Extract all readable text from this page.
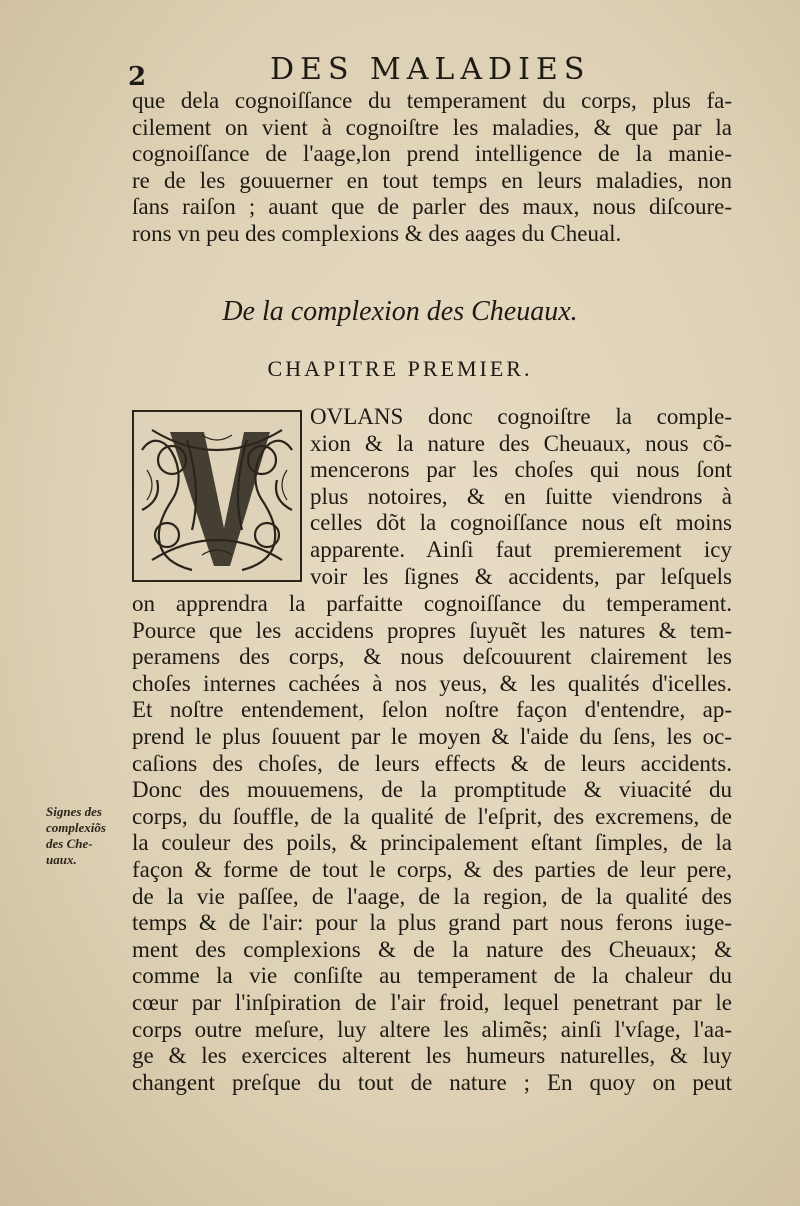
2	DES MALADIES
que dela cognoiſſance du temperament du corps, plus fa-
cilement on vient à cognoiſtre les maladies, & que par la
cognoiſſance de l'aage,lon prend intelligence de la manie-
re de les gouuerner en tout temps en leurs maladies, non
ſans raiſon ; auant que de parler des maux, nous diſcoure-
rons vn peu des complexions & des aages du Cheual.
De la complexion des Cheuaux.
CHAPITRE PREMIER.
OVLANS donc cognoiſtre la comple-
xion & la nature des Cheuaux, nous cõ-
mencerons par les choſes qui nous ſont
plus notoires, & en ſuitte viendrons à
celles dõt la cognoiſſance nous eſt moins
apparente. Ainſi faut premierement icy
voir les ſignes & accidents, par leſquels
on apprendra la parfaitte cognoiſſance du temperament.
Pource que les accidens propres ſuyuẽt les natures & tem-
peramens des corps, & nous deſcouurent clairement les
choſes internes cachées à nos yeus, & les qualités d'icelles.
Et noſtre entendement, ſelon noſtre façon d'entendre, ap-
prend le plus ſouuent par le moyen & l'aide du ſens, les oc-
caſions des choſes, de leurs effects & de leurs accidents.
Donc des mouuemens, de la promptitude & viuacité du
corps, du ſouffle, de la qualité de l'eſprit, des excremens, de
la couleur des poils, & principalement eſtant ſimples, de la
façon & forme de tout le corps, & des parties de leur pere,
de la vie paſſee, de l'aage, de la region, de la qualité des
temps & de l'air: pour la plus grand part nous ferons iuge-
ment des complexions & de la nature des Cheuaux; &
comme la vie conſiſte au temperament de la chaleur du
cœur par l'inſpiration de l'air froid, lequel penetrant par le
corps outre meſure, luy altere les alimẽs; ainſi l'vſage, l'aa-
ge & les exercices alterent les humeurs naturelles, & luy
changent preſque du tout de nature ; En quoy on peut
Signes des
complexiõs
des Che-
uaux.
